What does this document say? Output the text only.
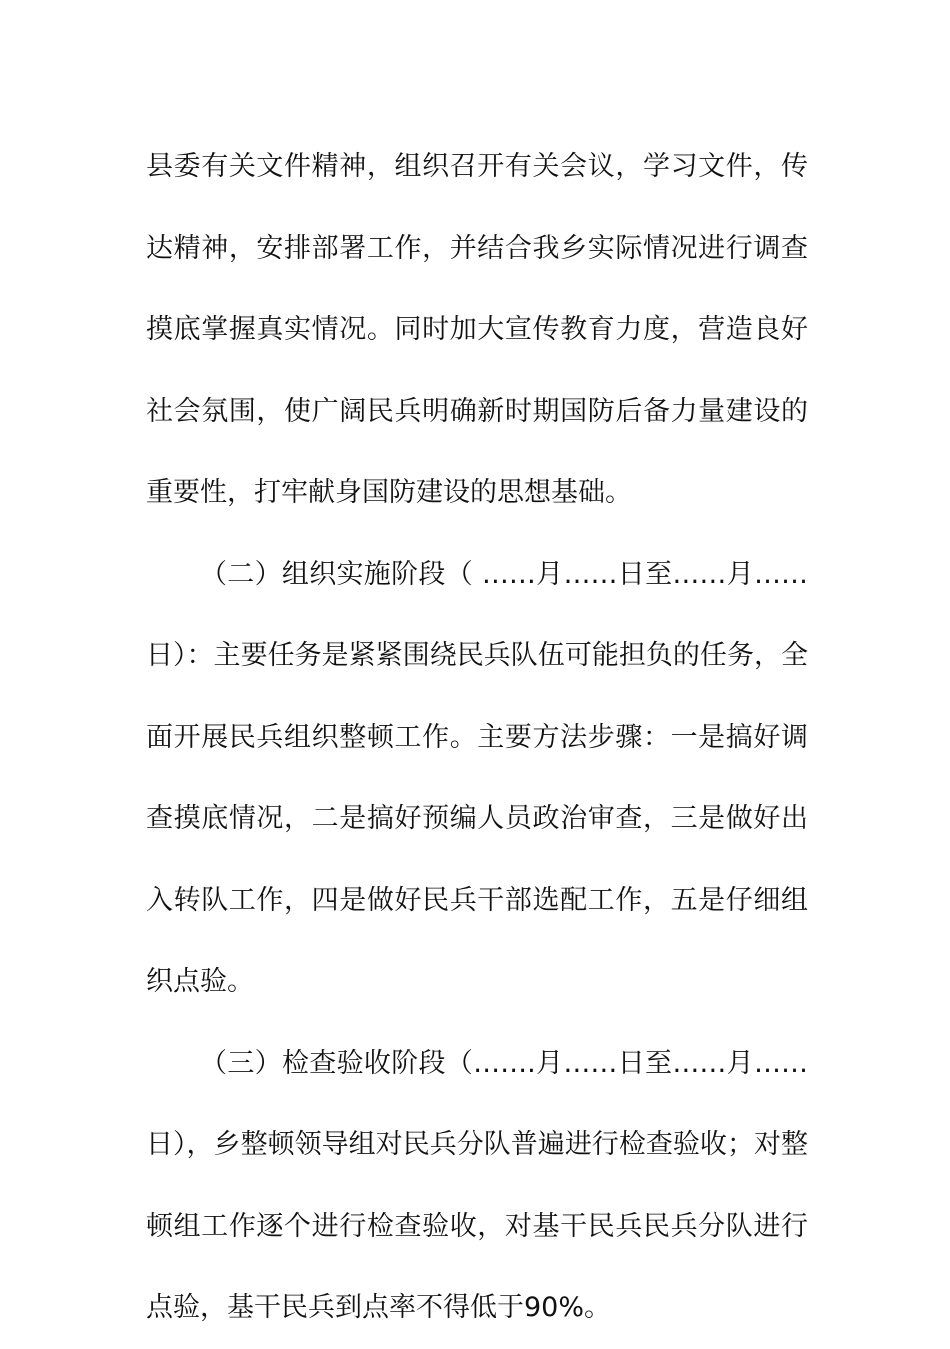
县委有关文件精神，组织召开有关会议，学习文件，传达精神，安排部署工作，并结合我乡实际情况进行调查摸底掌握真实情况。同时加大宣传教育力度，营造良好社会氛围，使广阔民兵明确新时期国防后备力量建设的重要性，打牢献身国防建设的思想基础。

（二）组织实施阶段（ ……月……日至……月……日）：主要任务是紧紧围绕民兵队伍可能担负的任务，全面开展民兵组织整顿工作。主要方法步骤：一是搞好调查摸底情况，二是搞好预编人员政治审查，三是做好出入转队工作，四是做好民兵干部选配工作，五是仔细组织点验。

（三）检查验收阶段（…….月……日至……月……日），乡整顿领导组对民兵分队普遍进行检查验收；对整顿组工作逐个进行检查验收，对基干民兵民兵分队进行点验，基干民兵到点率不得低于90%。
